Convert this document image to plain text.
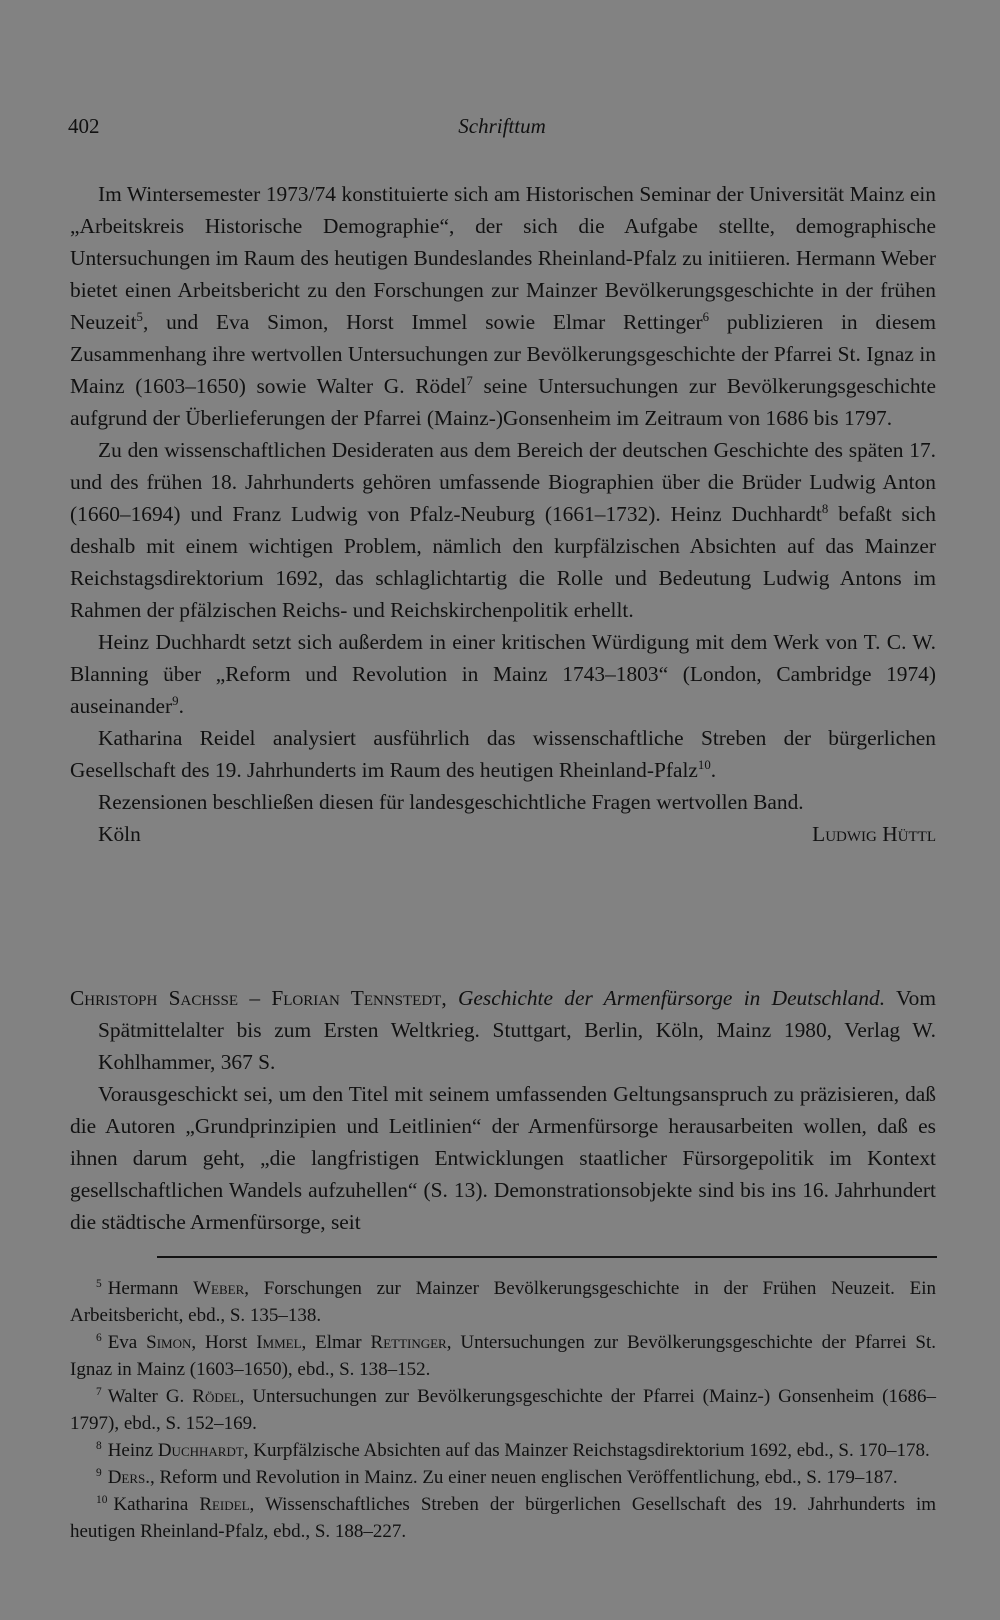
402	Schrifttum

Im Wintersemester 1973/74 konstituierte sich am Historischen Seminar der Universität Mainz ein „Arbeitskreis Historische Demographie“, der sich die Aufgabe stellte, demographische Untersuchungen im Raum des heutigen Bundeslandes Rheinland-Pfalz zu initiieren. Hermann Weber bietet einen Arbeitsbericht zu den Forschungen zur Mainzer Bevölkerungsgeschichte in der frühen Neuzeit$^5$, und Eva Simon, Horst Immel sowie Elmar Rettinger$^6$ publizieren in diesem Zusammenhang ihre wertvollen Untersuchungen zur Bevölkerungsgeschichte der Pfarrei St. Ignaz in Mainz (1603–1650) sowie Walter G. Rödel$^7$ seine Untersuchungen zur Bevölkerungsgeschichte aufgrund der Überlieferungen der Pfarrei (Mainz-)Gonsenheim im Zeitraum von 1686 bis 1797.

Zu den wissenschaftlichen Desideraten aus dem Bereich der deutschen Geschichte des späten 17. und des frühen 18. Jahrhunderts gehören umfassende Biographien über die Brüder Ludwig Anton (1660–1694) und Franz Ludwig von Pfalz-Neuburg (1661–1732). Heinz Duchhardt$^8$ befaßt sich deshalb mit einem wichtigen Problem, nämlich den kurpfälzischen Absichten auf das Mainzer Reichstagsdirektorium 1692, das schlaglichtartig die Rolle und Bedeutung Ludwig Antons im Rahmen der pfälzischen Reichs- und Reichskirchenpolitik erhellt.

Heinz Duchhardt setzt sich außerdem in einer kritischen Würdigung mit dem Werk von T. C. W. Blanning über „Reform und Revolution in Mainz 1743–1803“ (London, Cambridge 1974) auseinander$^9$.

Katharina Reidel analysiert ausführlich das wissenschaftliche Streben der bürgerlichen Gesellschaft des 19. Jahrhunderts im Raum des heutigen Rheinland-Pfalz$^{10}$.

Rezensionen beschließen diesen für landesgeschichtliche Fragen wertvollen Band.

Köln	Ludwig Hüttl

Christoph Sachsse – Florian Tennstedt, Geschichte der Armenfürsorge in Deutschland. Vom Spätmittelalter bis zum Ersten Weltkrieg. Stuttgart, Berlin, Köln, Mainz 1980, Verlag W. Kohlhammer, 367 S.

Vorausgeschickt sei, um den Titel mit seinem umfassenden Geltungsanspruch zu präzisieren, daß die Autoren „Grundprinzipien und Leitlinien“ der Armenfürsorge herausarbeiten wollen, daß es ihnen darum geht, „die langfristigen Entwicklungen staatlicher Fürsorgepolitik im Kontext gesellschaftlichen Wandels aufzuhellen“ (S. 13). Demonstrationsobjekte sind bis ins 16. Jahrhundert die städtische Armenfürsorge, seit

$^5$ Hermann Weber, Forschungen zur Mainzer Bevölkerungsgeschichte in der Frühen Neuzeit. Ein Arbeitsbericht, ebd., S. 135–138.

$^6$ Eva Simon, Horst Immel, Elmar Rettinger, Untersuchungen zur Bevölkerungsgeschichte der Pfarrei St. Ignaz in Mainz (1603–1650), ebd., S. 138–152.

$^7$ Walter G. Rödel, Untersuchungen zur Bevölkerungsgeschichte der Pfarrei (Mainz-) Gonsenheim (1686–1797), ebd., S. 152–169.

$^8$ Heinz Duchhardt, Kurpfälzische Absichten auf das Mainzer Reichstagsdirektorium 1692, ebd., S. 170–178.

$^9$ Ders., Reform und Revolution in Mainz. Zu einer neuen englischen Veröffentlichung, ebd., S. 179–187.

$^{10}$ Katharina Reidel, Wissenschaftliches Streben der bürgerlichen Gesellschaft des 19. Jahrhunderts im heutigen Rheinland-Pfalz, ebd., S. 188–227.
